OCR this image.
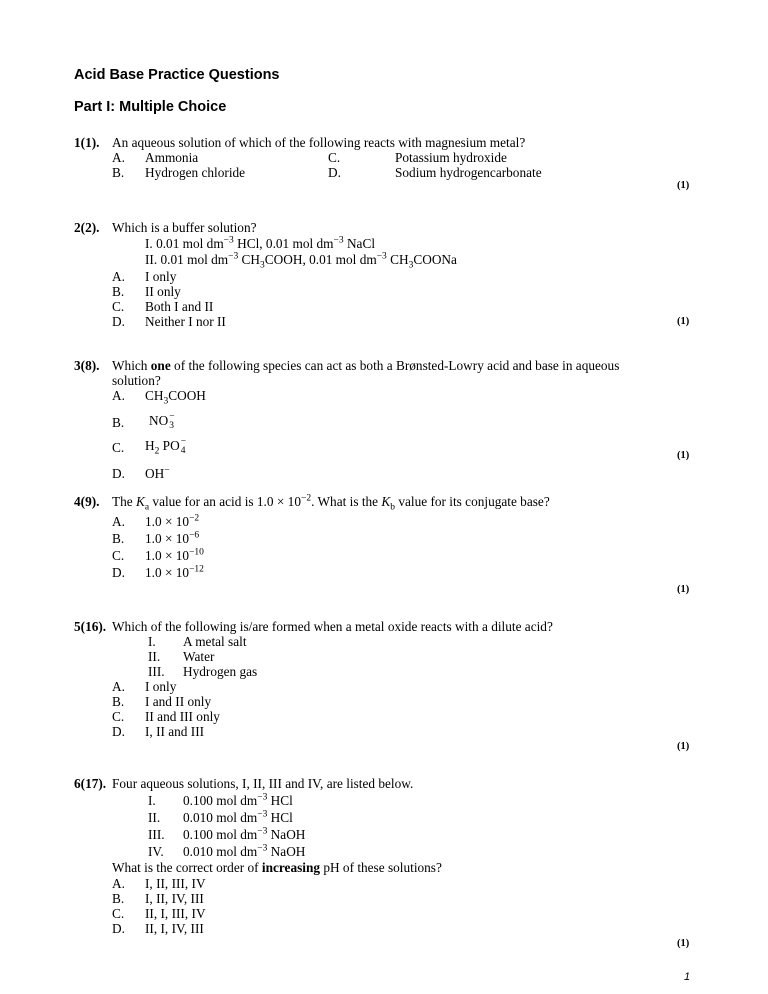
Acid Base Practice Questions
Part I: Multiple Choice
1(1). An aqueous solution of which of the following reacts with magnesium metal?
A. Ammonia	C.	Potassium hydroxide
B. Hydrogen chloride	D.	Sodium hydrogencarbonate
(1)
2(2). Which is a buffer solution?
I. 0.01 mol $dm^{-3}$ HCl, 0.01 mol $dm^{-3}$ NaCl
II. 0.01 mol $dm^{-3}$ $CH_3COOH$, 0.01 mol $dm^{-3}$ $CH_3COONa$
A. I only
B. II only
C. Both I and II
D. Neither I nor II	(1)
3(8). Which one of the following species can act as both a Brønsted-Lowry acid and base in aqueous
solution?
A. $CH_3COOH$
B. NO −
3
C. $H_2$ PO −
4
D. OH−
(1)
4(9). The $K_a$ value for an acid is $1.0 \times 10^{-2}$. What is the $K_b$ value for its conjugate base?
A. $1.0 \times 10^{-2}$
B. $1.0 \times 10^{-6}$
C. $1.0 \times 10^{-10}$
D. $1.0 \times 10^{-12}$
(1)
5(16). Which of the following is/are formed when a metal oxide reacts with a dilute acid?
I. A metal salt
II. Water
III. Hydrogen gas
A. I only
B. I and II only
C. II and III only
D. I, II and III
(1)
6(17). Four aqueous solutions, I, II, III and IV, are listed below.
I. 0.100 mol $dm^{-3}$ HCl
II. 0.010 mol $dm^{-3}$ HCl
III. 0.100 mol $dm^{-3}$ NaOH
IV. 0.010 mol $dm^{-3}$ NaOH
What is the correct order of increasing pH of these solutions?
A. I, II, III, IV
B. I, II, IV, III
C. II, I, III, IV
D. II, I, IV, III
(1)
1
